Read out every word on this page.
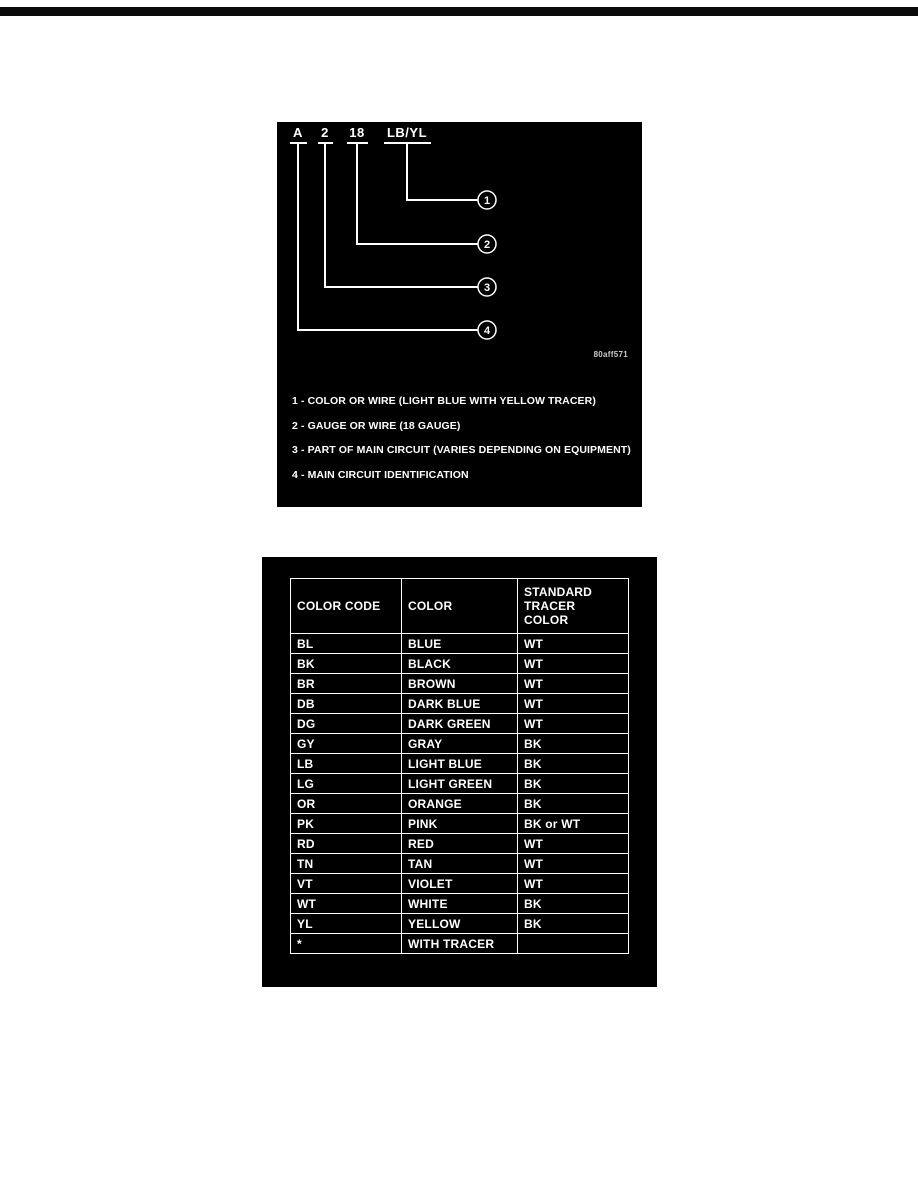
A 2 18 LB/YL
1
2
3
4
80aff571
1 - COLOR OR WIRE (LIGHT BLUE WITH YELLOW TRACER)
2 - GAUGE OR WIRE (18 GAUGE)
3 - PART OF MAIN CIRCUIT (VARIES DEPENDING ON EQUIPMENT)
4 - MAIN CIRCUIT IDENTIFICATION
COLOR CODE	COLOR	STANDARD TRACER COLOR
BL	BLUE	WT
BK	BLACK	WT
BR	BROWN	WT
DB	DARK BLUE	WT
DG	DARK GREEN	WT
GY	GRAY	BK
LB	LIGHT BLUE	BK
LG	LIGHT GREEN	BK
OR	ORANGE	BK
PK	PINK	BK or WT
RD	RED	WT
TN	TAN	WT
VT	VIOLET	WT
WT	WHITE	BK
YL	YELLOW	BK
*	WITH TRACER	
